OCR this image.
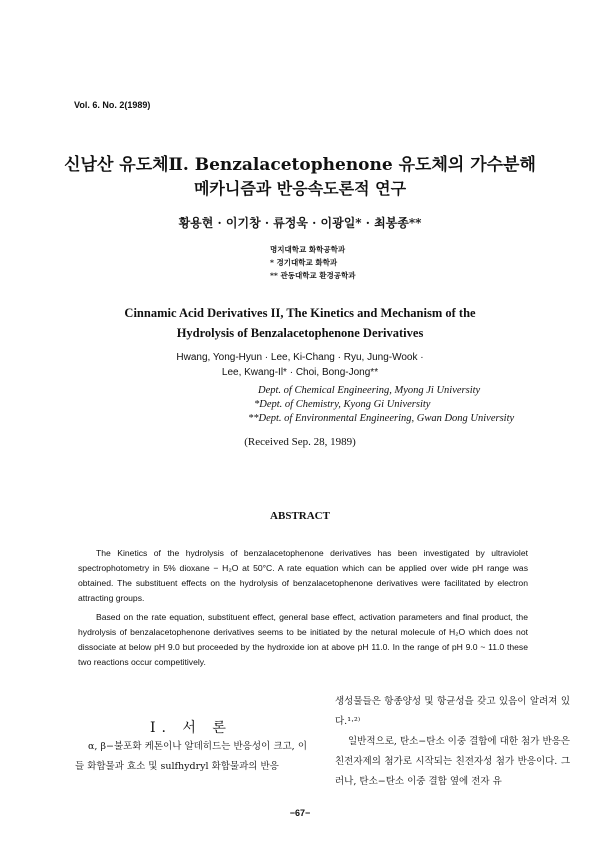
Vol. 6. No. 2(1989)
신남산 유도체Ⅱ. Benzalacetophenone 유도체의 가수분해
메카니즘과 반응속도론적 연구
황용현 · 이기창 · 류정욱 · 이광일* · 최봉종**
명지대학교 화학공학과
* 경기대학교 화학과
** 관동대학교 환경공학과
Cinnamic Acid Derivatives II, The Kinetics and Mechanism of the
Hydrolysis of Benzalacetophenone Derivatives
Hwang, Yong-Hyun · Lee, Ki-Chang · Ryu, Jung-Wook ·
Lee, Kwang-Il* · Choi, Bong-Jong**
Dept. of Chemical Engineering, Myong Ji University
*Dept. of Chemistry, Kyong Gi University
**Dept. of Environmental Engineering, Gwan Dong University
(Received Sep. 28, 1989)
ABSTRACT

The Kinetics of the hydrolysis of benzalacetophenone derivatives has been investigated by ultraviolet spectrophotometry in 5% dioxane − H₂O at 50°C. A rate equation which can be applied over wide pH range was obtained. The substituent effects on the hydrolysis of benzalacetophenone derivatives were facilitated by electron attracting groups.

Based on the rate equation, substituent effect, general base effect, activation parameters and final product, the hydrolysis of benzalacetophenone derivatives seems to be initiated by the netural molecule of H₂O which does not dissociate at below pH 9.0 but proceeded by the hydroxide ion at above pH 11.0. In the range of pH 9.0 ~ 11.0 these two reactions occur competitively.

Ⅰ. 서 론

α, β−불포화 케톤이나 알데히드는 반응성이 크고, 이들 화합물과 효소 및 sulfhydryl 화합물과의 반응

생성물들은 항종양성 및 항균성을 갖고 있음이 알려져 있다.¹·²⁾

일반적으로, 탄소−탄소 이중 결합에 대한 첨가 반응은 친전자제의 첨가로 시작되는 친전자성 첨가 반응이다. 그러나, 탄소−탄소 이중 결합 옆에 전자 유

−67−
